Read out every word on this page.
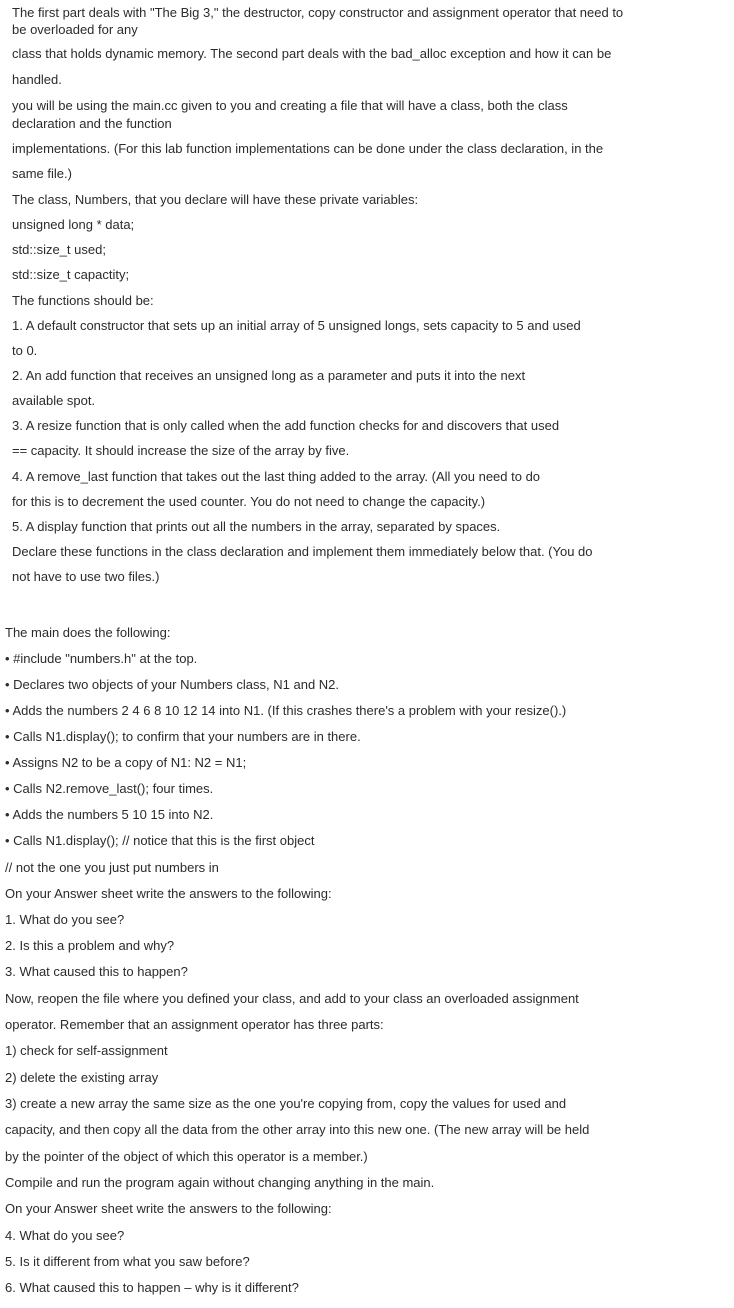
The first part deals with "The Big 3," the destructor, copy constructor and assignment operator that need to
be overloaded for any
class that holds dynamic memory. The second part deals with the bad_alloc exception and how it can be
handled.
you will be using the main.cc given to you and creating a file that will have a class, both the class
declaration and the function
implementations. (For this lab function implementations can be done under the class declaration, in the
same file.)
The class, Numbers, that you declare will have these private variables:
unsigned long * data;
std::size_t used;
std::size_t capactity;
The functions should be:
1. A default constructor that sets up an initial array of 5 unsigned longs, sets capacity to 5 and used
to 0.
2. An add function that receives an unsigned long as a parameter and puts it into the next
available spot.
3. A resize function that is only called when the add function checks for and discovers that used
== capacity. It should increase the size of the array by five.
4. A remove_last function that takes out the last thing added to the array. (All you need to do
for this is to decrement the used counter. You do not need to change the capacity.)
5. A display function that prints out all the numbers in the array, separated by spaces.
Declare these functions in the class declaration and implement them immediately below that. (You do
not have to use two files.)
The main does the following:
• #include "numbers.h" at the top.
• Declares two objects of your Numbers class, N1 and N2.
• Adds the numbers 2 4 6 8 10 12 14 into N1. (If this crashes there's a problem with your resize().)
• Calls N1.display(); to confirm that your numbers are in there.
• Assigns N2 to be a copy of N1: N2 = N1;
• Calls N2.remove_last(); four times.
• Adds the numbers 5 10 15 into N2.
• Calls N1.display(); // notice that this is the first object
// not the one you just put numbers in
On your Answer sheet write the answers to the following:
1. What do you see?
2. Is this a problem and why?
3. What caused this to happen?
Now, reopen the file where you defined your class, and add to your class an overloaded assignment
operator. Remember that an assignment operator has three parts:
1) check for self-assignment
2) delete the existing array
3) create a new array the same size as the one you're copying from, copy the values for used and
capacity, and then copy all the data from the other array into this new one. (The new array will be held
by the pointer of the object of which this operator is a member.)
Compile and run the program again without changing anything in the main.
On your Answer sheet write the answers to the following:
4. What do you see?
5. Is it different from what you saw before?
6. What caused this to happen – why is it different?
